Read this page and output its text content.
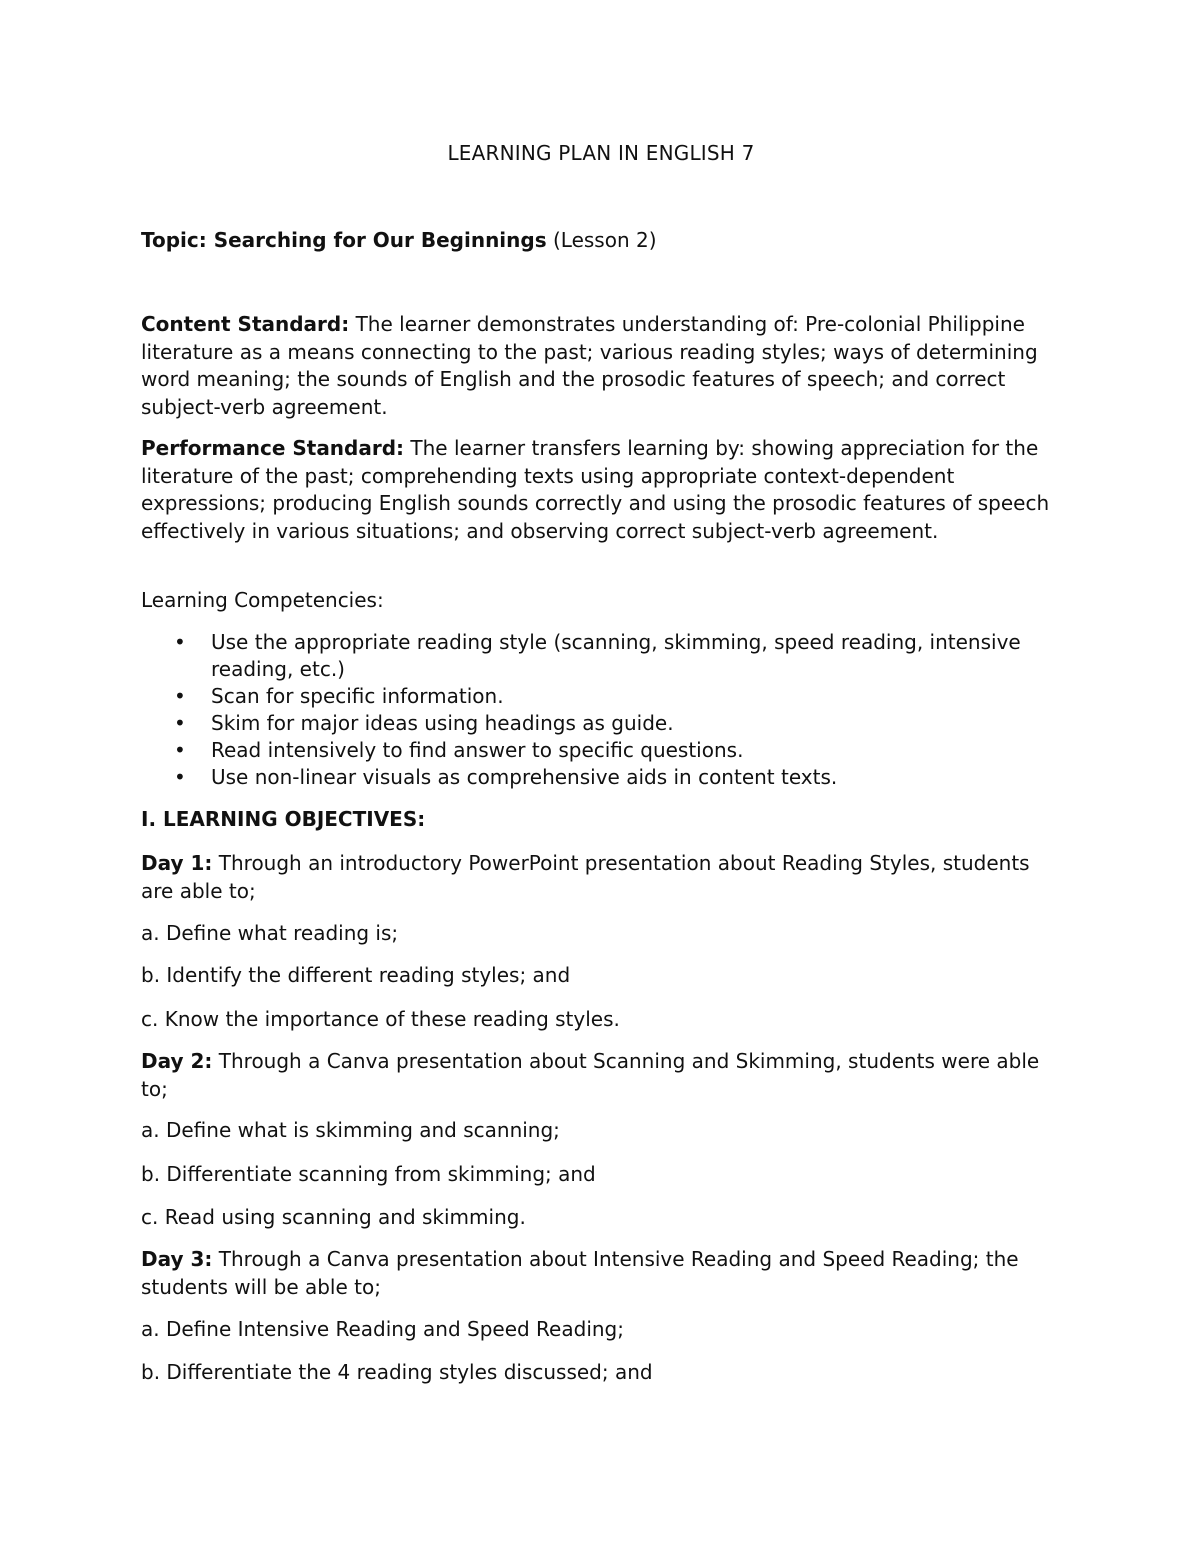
LEARNING PLAN IN ENGLISH 7
Topic: Searching for Our Beginnings (Lesson 2)
Content Standard: The learner demonstrates understanding of: Pre-colonial Philippine literature as a means connecting to the past; various reading styles; ways of determining word meaning; the sounds of English and the prosodic features of speech; and correct subject-verb agreement.
Performance Standard: The learner transfers learning by: showing appreciation for the literature of the past; comprehending texts using appropriate context-dependent expressions; producing English sounds correctly and using the prosodic features of speech effectively in various situations; and observing correct subject-verb agreement.
Learning Competencies:
• Use the appropriate reading style (scanning, skimming, speed reading, intensive reading, etc.)
• Scan for specific information.
• Skim for major ideas using headings as guide.
• Read intensively to find answer to specific questions.
• Use non-linear visuals as comprehensive aids in content texts.
I. LEARNING OBJECTIVES:
Day 1: Through an introductory PowerPoint presentation about Reading Styles, students are able to;
a. Define what reading is;
b. Identify the different reading styles; and
c. Know the importance of these reading styles.
Day 2: Through a Canva presentation about Scanning and Skimming, students were able to;
a. Define what is skimming and scanning;
b. Differentiate scanning from skimming; and
c. Read using scanning and skimming.
Day 3: Through a Canva presentation about Intensive Reading and Speed Reading; the students will be able to;
a. Define Intensive Reading and Speed Reading;
b. Differentiate the 4 reading styles discussed; and
